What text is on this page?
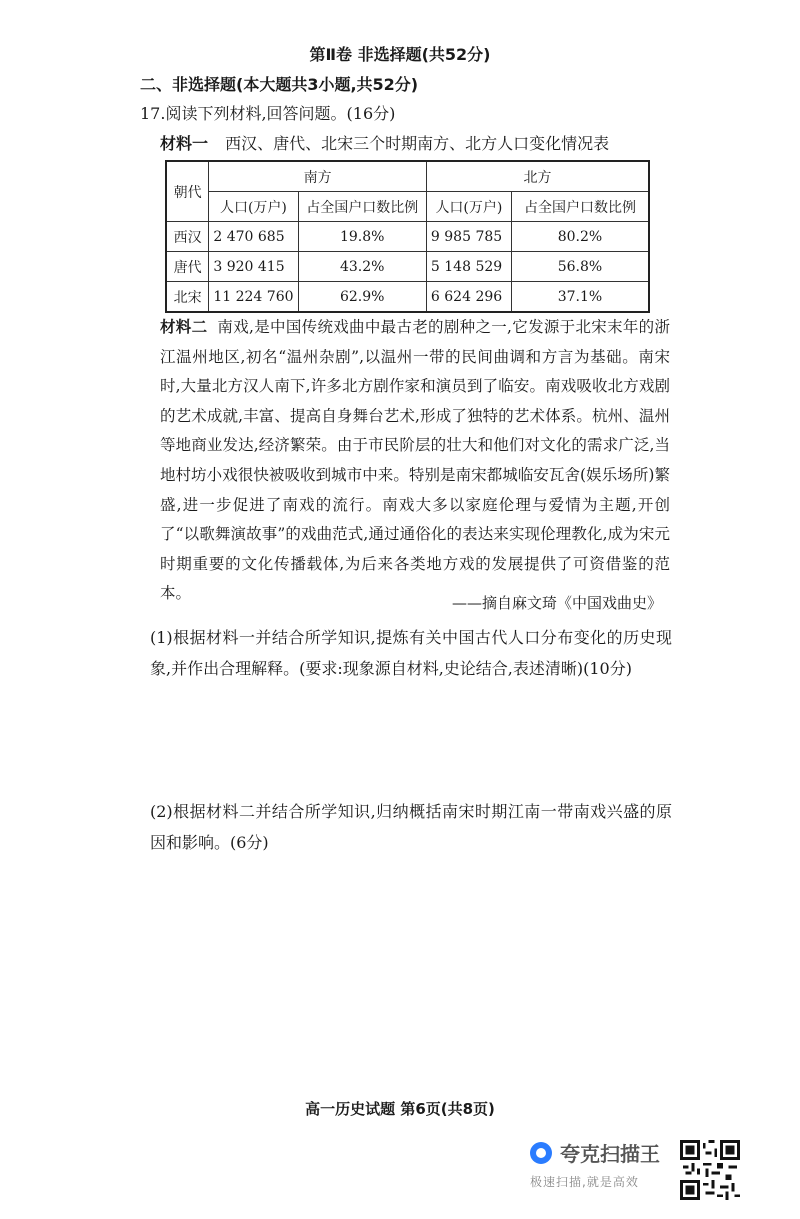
第Ⅱ卷 非选择题(共52分)
二、非选择题(本大题共3小题,共52分)
17.阅读下列材料,回答问题。(16分)
材料一 西汉、唐代、北宋三个时期南方、北方人口变化情况表
朝代	南方		北方	
	人口(万户)	占全国户口数比例	人口(万户)	占全国户口数比例
西汉	2 470 685	19.8%	9 985 785	80.2%
唐代	3 920 415	43.2%	5 148 529	56.8%
北宋	11 224 760	62.9%	6 624 296	37.1%
材料二 南戏,是中国传统戏曲中最古老的剧种之一,它发源于北宋末年的浙江温州地区,初名“温州杂剧”,以温州一带的民间曲调和方言为基础。南宋时,大量北方汉人南下,许多北方剧作家和演员到了临安。南戏吸收北方戏剧的艺术成就,丰富、提高自身舞台艺术,形成了独特的艺术体系。杭州、温州等地商业发达,经济繁荣。由于市民阶层的壮大和他们对文化的需求广泛,当地村坊小戏很快被吸收到城市中来。特别是南宋都城临安瓦舍(娱乐场所)繁盛,进一步促进了南戏的流行。南戏大多以家庭伦理与爱情为主题,开创了“以歌舞演故事”的戏曲范式,通过通俗化的表达来实现伦理教化,成为宋元时期重要的文化传播载体,为后来各类地方戏的发展提供了可资借鉴的范本。
——摘自麻文琦《中国戏曲史》
(1)根据材料一并结合所学知识,提炼有关中国古代人口分布变化的历史现象,并作出合理解释。(要求:现象源自材料,史论结合,表述清晰)(10分)
(2)根据材料二并结合所学知识,归纳概括南宋时期江南一带南戏兴盛的原因和影响。(6分)
高一历史试题 第6页(共8页)
夸克扫描王
极速扫描,就是高效
